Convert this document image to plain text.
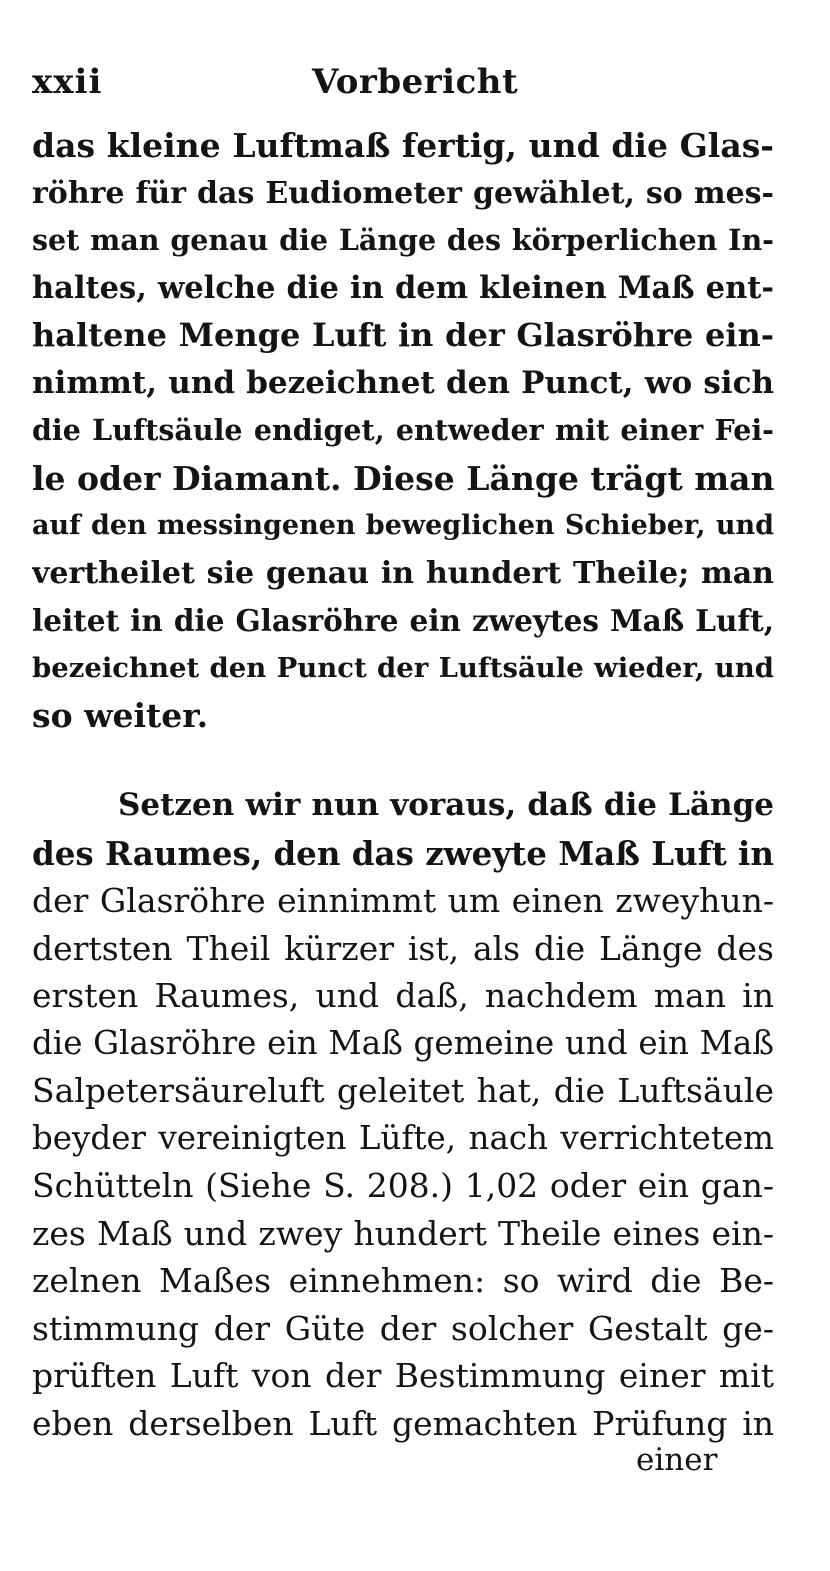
xxii	Vorbericht
das kleine Luftmaß fertig, und die Glas-
röhre für das Eudiometer gewählet, so mes-
set man genau die Länge des körperlichen In-
haltes, welche die in dem kleinen Maß ent-
haltene Menge Luft in der Glasröhre ein-
nimmt, und bezeichnet den Punct, wo sich
die Luftsäule endiget, entweder mit einer Fei-
le oder Diamant. Diese Länge trägt man
auf den messingenen beweglichen Schieber, und
vertheilet sie genau in hundert Theile; man
leitet in die Glasröhre ein zweytes Maß Luft,
bezeichnet den Punct der Luftsäule wieder, und
so weiter.
Setzen wir nun voraus, daß die Länge
des Raumes, den das zweyte Maß Luft in
der Glasröhre einnimmt um einen zweyhun-
dertsten Theil kürzer ist, als die Länge des
ersten Raumes, und daß, nachdem man in
die Glasröhre ein Maß gemeine und ein Maß
Salpetersäureluft geleitet hat, die Luftsäule
beyder vereinigten Lüfte, nach verrichtetem
Schütteln (Siehe S. 208.) 1,02 oder ein gan-
zes Maß und zwey hundert Theile eines ein-
zelnen Maßes einnehmen: so wird die Be-
stimmung der Güte der solcher Gestalt ge-
prüften Luft von der Bestimmung einer mit
eben derselben Luft gemachten Prüfung in
einer
